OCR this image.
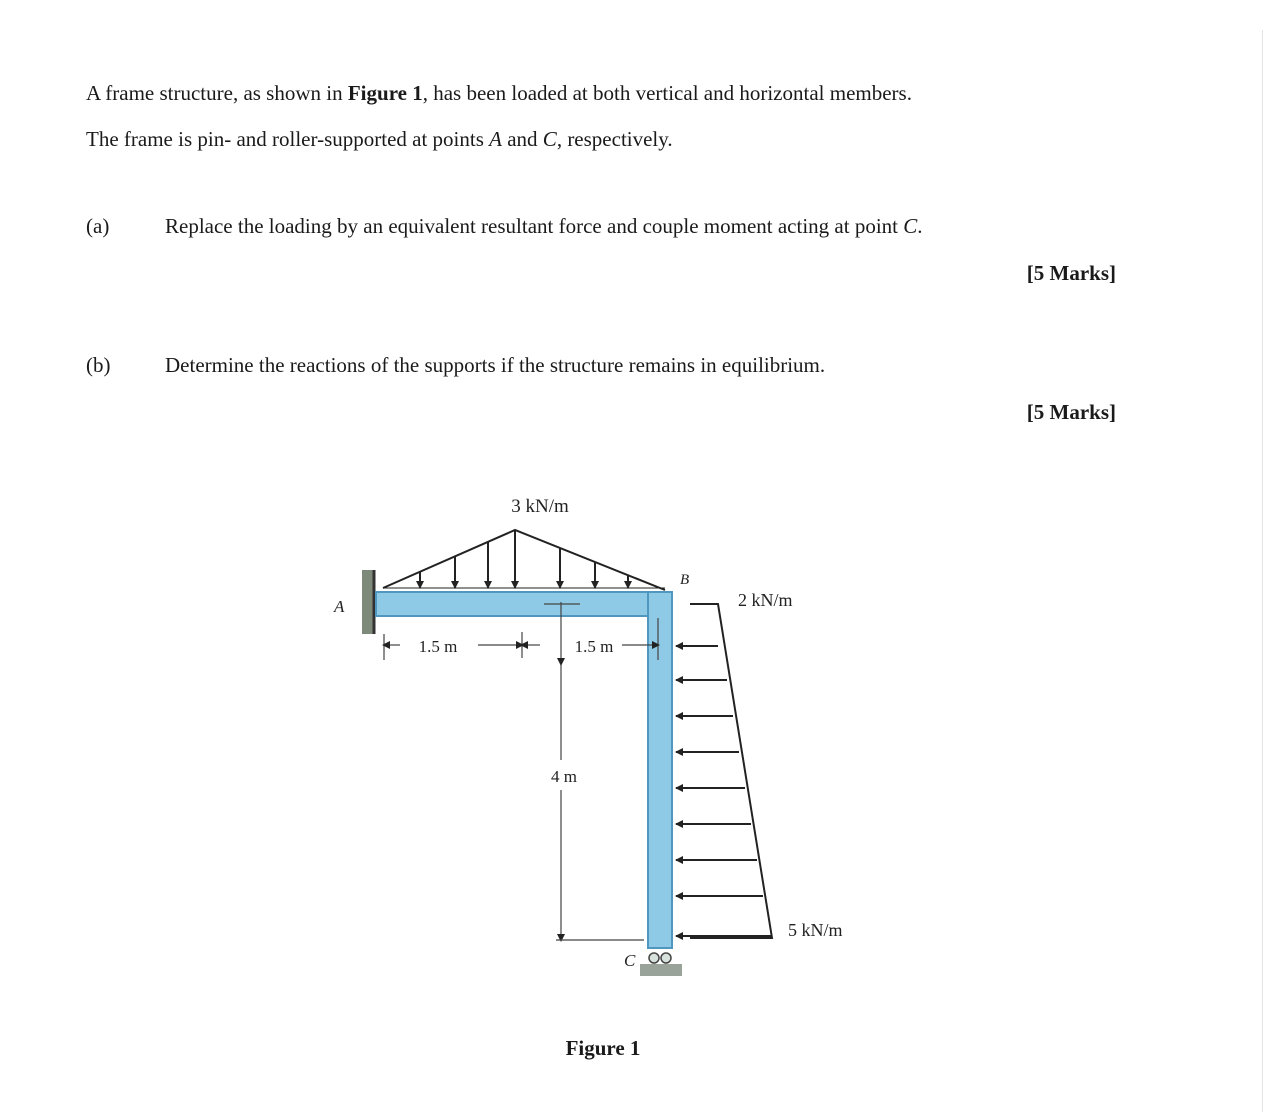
A frame structure, as shown in Figure 1, has been loaded at both vertical and horizontal members.

The frame is pin- and roller-supported at points A and C, respectively.

(a)	Replace the loading by an equivalent resultant force and couple moment acting at point C.
[5 Marks]
(b)	Determine the reactions of the supports if the structure remains in equilibrium.
[5 Marks]
3 kN/m
2 kN/m
5 kN/m
A
B
C
1.5 m	1.5 m
4 m
Figure 1
